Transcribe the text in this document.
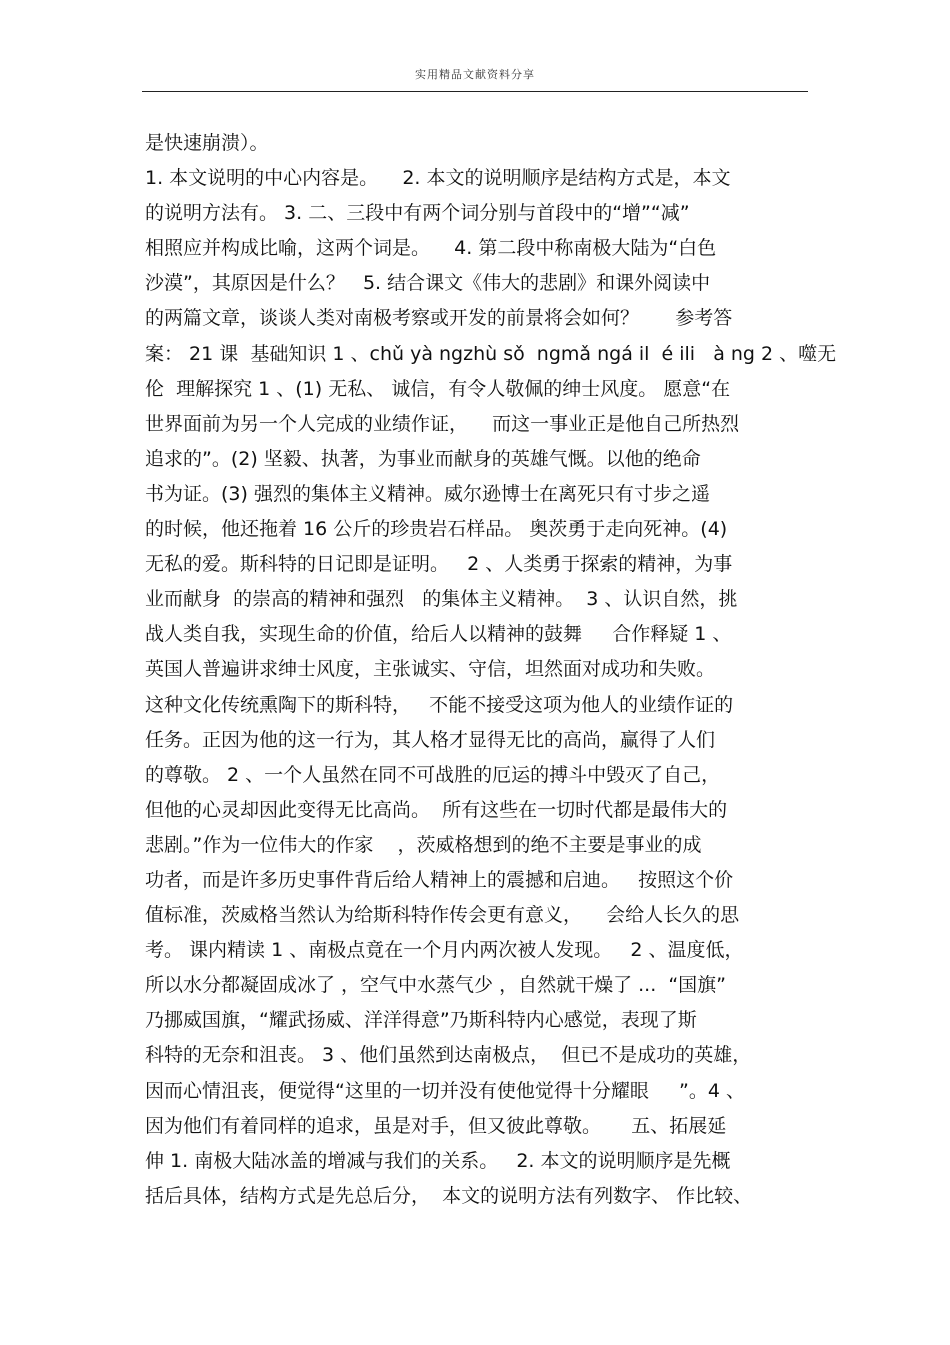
实用精品文献资料分享
是快速崩溃）。
1. 本文说明的中心内容是。    2. 本文的说明顺序是结构方式是，本文
的说明方法有。 3. 二、三段中有两个词分别与首段中的“增”“减”
相照应并构成比喻，这两个词是。    4. 第二段中称南极大陆为“白色
沙漠”，其原因是什么？   5. 结合课文《伟大的悲剧》和课外阅读中
的两篇文章，谈谈人类对南极考察或开发的前景将会如何？      参考答
案： 21 课  基础知识 1 、chǔ yà ngzhù sǒ  ngmǎ ngá il  é ili   à ng 2 、噬无
伦  理解探究 1 、(1) 无私、 诚信，有令人敬佩的绅士风度。 愿意“在
世界面前为另一个人完成的业绩作证，    而这一事业正是他自己所热烈
追求的”。(2) 坚毅、执著，为事业而献身的英雄气慨。以他的绝命
书为证。(3) 强烈的集体主义精神。威尔逊博士在离死只有寸步之遥
的时候，他还拖着 16 公斤的珍贵岩石样品。 奥茨勇于走向死神。(4)
无私的爱。斯科特的日记即是证明。   2 、人类勇于探索的精神，为事
业而献身  的崇高的精神和强烈   的集体主义精神。  3 、认识自然，挑
战人类自我，实现生命的价值，给后人以精神的鼓舞     合作释疑 1 、
英国人普遍讲求绅士风度，主张诚实、守信，坦然面对成功和失败。
这种文化传统熏陶下的斯科特，   不能不接受这项为他人的业绩作证的
任务。正因为他的这一行为，其人格才显得无比的高尚，赢得了人们
的尊敬。 2 、一个人虽然在同不可战胜的厄运的搏斗中毁灭了自己，
但他的心灵却因此变得无比高尚。  所有这些在一切时代都是最伟大的
悲剧。”作为一位伟大的作家    ，茨威格想到的绝不主要是事业的成
功者，而是许多历史事件背后给人精神上的震撼和启迪。   按照这个价
值标准，茨威格当然认为给斯科特作传会更有意义，    会给人长久的思
考。 课内精读 1 、南极点竟在一个月内两次被人发现。   2 、温度低，
所以水分都凝固成冰了 ，空气中水蒸气少 ，自然就干燥了 ...  “国旗”
乃挪威国旗，“耀武扬威、洋洋得意”乃斯科特内心感觉，表现了斯
科特的无奈和沮丧。 3 、他们虽然到达南极点，  但已不是成功的英雄，
因而心情沮丧，便觉得“这里的一切并没有使他觉得十分耀眼     ”。4 、
因为他们有着同样的追求，虽是对手，但又彼此尊敬。     五、拓展延
伸 1. 南极大陆冰盖的增减与我们的关系。   2. 本文的说明顺序是先概
括后具体，结构方式是先总后分，  本文的说明方法有列数字、 作比较、
